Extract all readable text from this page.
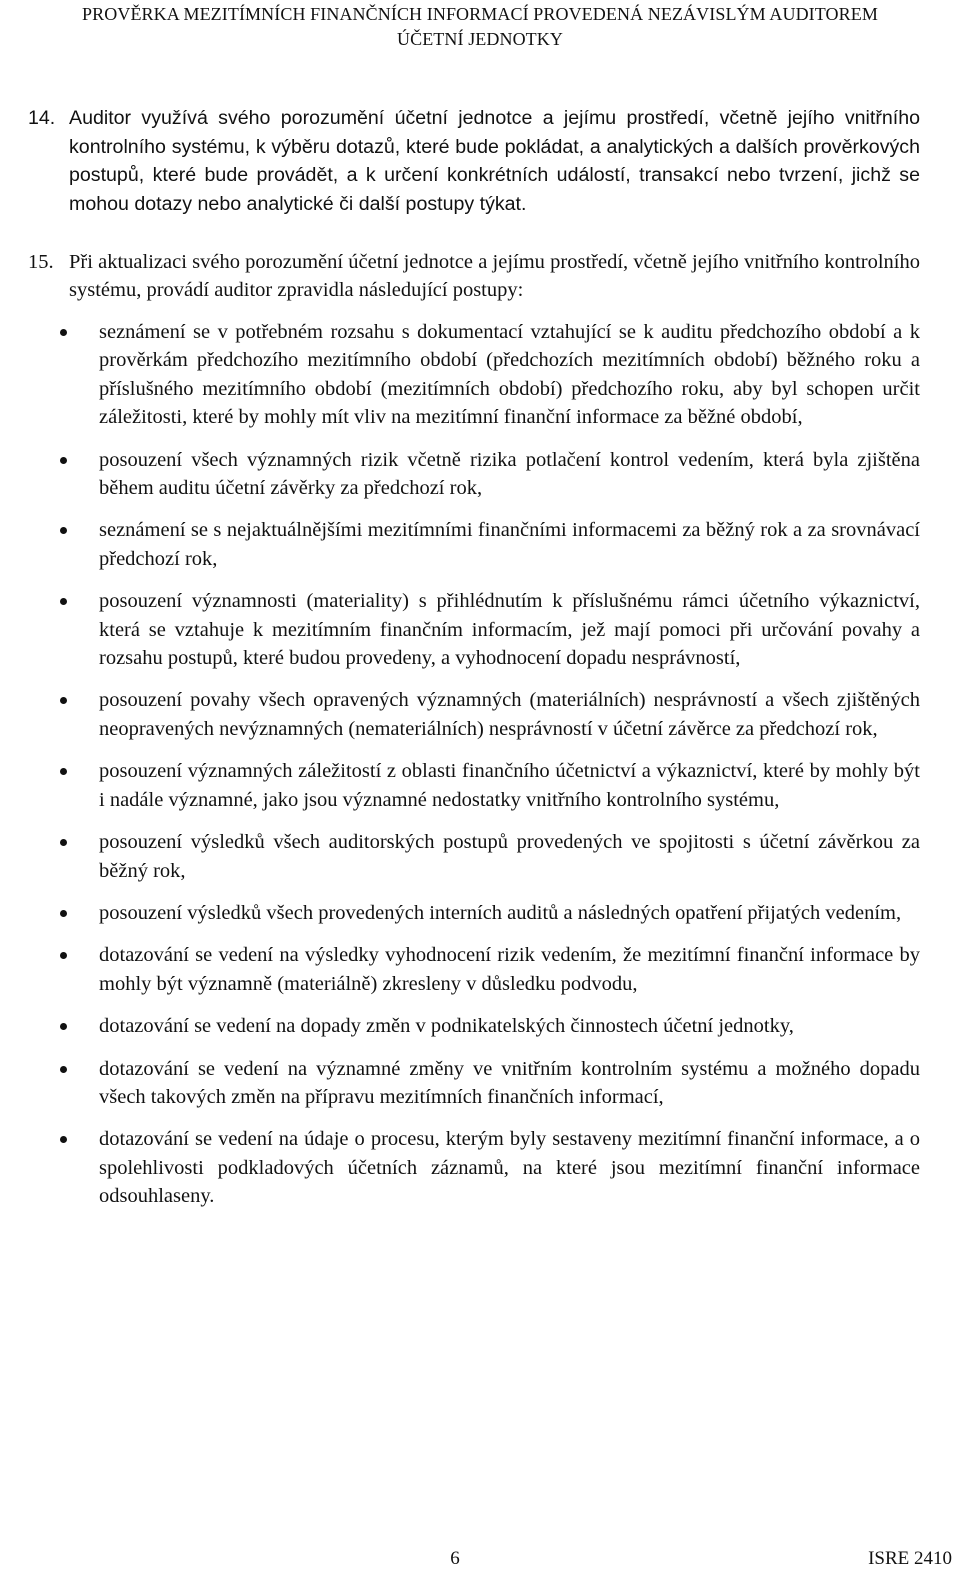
PROVĚRKA MEZITÍMNÍCH FINANČNÍCH INFORMACÍ PROVEDENÁ NEZÁVISLÝM AUDITOREM
ÚČETNÍ JEDNOTKY
14. Auditor využívá svého porozumění účetní jednotce a jejímu prostředí, včetně jejího vnitřního kontrolního systému, k výběru dotazů, které bude pokládat, a analytických a dalších prověrkových postupů, které bude provádět, a k určení konkrétních událostí, transakcí nebo tvrzení, jichž se mohou dotazy nebo analytické či další postupy týkat.
15. Při aktualizaci svého porozumění účetní jednotce a jejímu prostředí, včetně jejího vnitřního kontrolního systému, provádí auditor zpravidla následující postupy:
seznámení se v potřebném rozsahu s dokumentací vztahující se k auditu předchozího období a k prověrkám předchozího mezitímního období (předchozích mezitímních období) běžného roku a příslušného mezitímního období (mezitímních období) předchozího roku, aby byl schopen určit záležitosti, které by mohly mít vliv na mezitímní finanční informace za běžné období,
posouzení všech významných rizik včetně rizika potlačení kontrol vedením, která byla zjištěna během auditu účetní závěrky za předchozí rok,
seznámení se s nejaktuálnějšími mezitímními finančními informacemi za běžný rok a za srovnávací předchozí rok,
posouzení významnosti (materiality) s přihlédnutím k příslušnému rámci účetního výkaznictví, která se vztahuje k mezitímním finančním informacím, jež mají pomoci při určování povahy a rozsahu postupů, které budou provedeny, a vyhodnocení dopadu nesprávností,
posouzení povahy všech opravených významných (materiálních) nesprávností a všech zjištěných neopravených nevýznamných (nemateriálních) nesprávností v účetní závěrce za předchozí rok,
posouzení významných záležitostí z oblasti finančního účetnictví a výkaznictví, které by mohly být i nadále významné, jako jsou významné nedostatky vnitřního kontrolního systému,
posouzení výsledků všech auditorských postupů provedených ve spojitosti s účetní závěrkou za běžný rok,
posouzení výsledků všech provedených interních auditů a následných opatření přijatých vedením,
dotazování se vedení na výsledky vyhodnocení rizik vedením, že mezitímní finanční informace by mohly být významně (materiálně) zkresleny v důsledku podvodu,
dotazování se vedení na dopady změn v podnikatelských činnostech účetní jednotky,
dotazování se vedení na významné změny ve vnitřním kontrolním systému a možného dopadu všech takových změn na přípravu mezitímních finančních informací,
dotazování se vedení na údaje o procesu, kterým byly sestaveny mezitímní finanční informace, a o spolehlivosti podkladových účetních záznamů, na které jsou mezitímní finanční informace odsouhlaseny.
6	ISRE 2410
